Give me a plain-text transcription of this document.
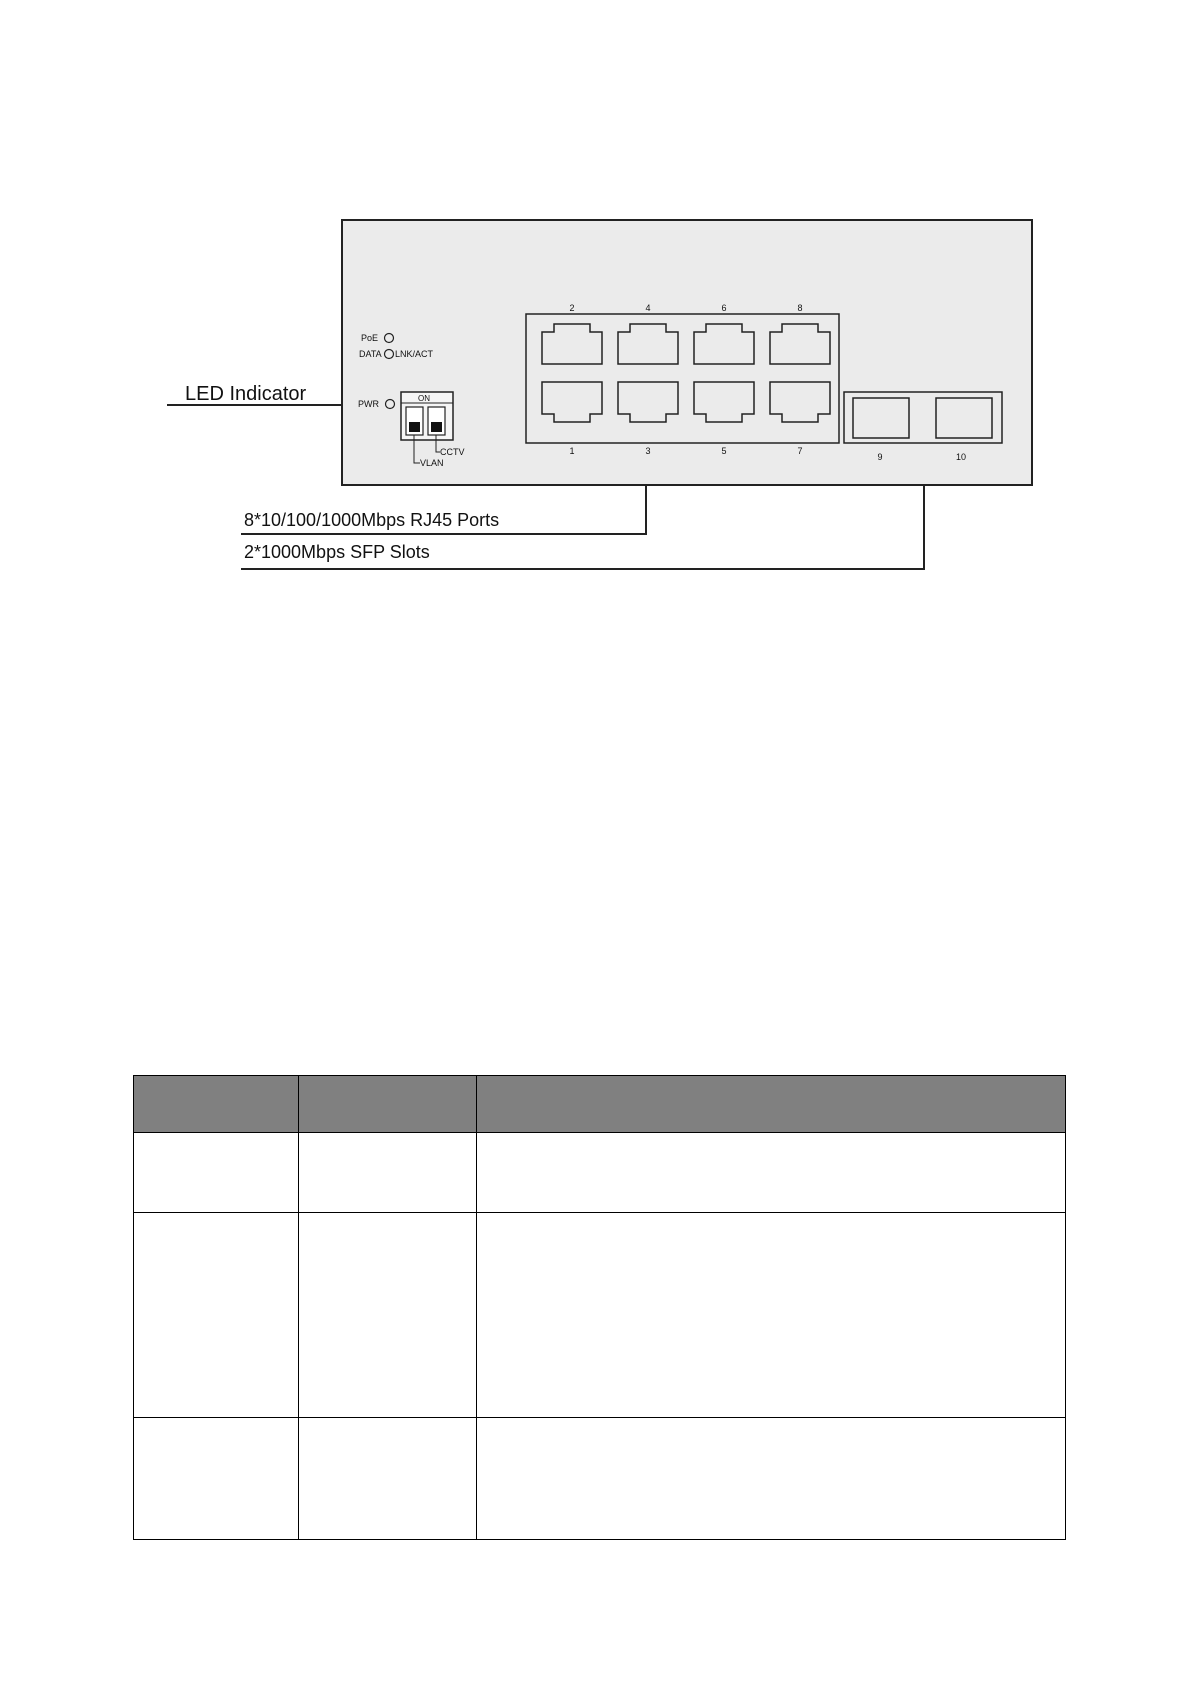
LED Indicator
PoE
DATA LNK/ACT
PWR
ON
CCTV
VLAN
2
1
4
3
6
5
8
7
9	10
8*10/100/1000Mbps RJ45 Ports
2*1000Mbps SFP Slots
